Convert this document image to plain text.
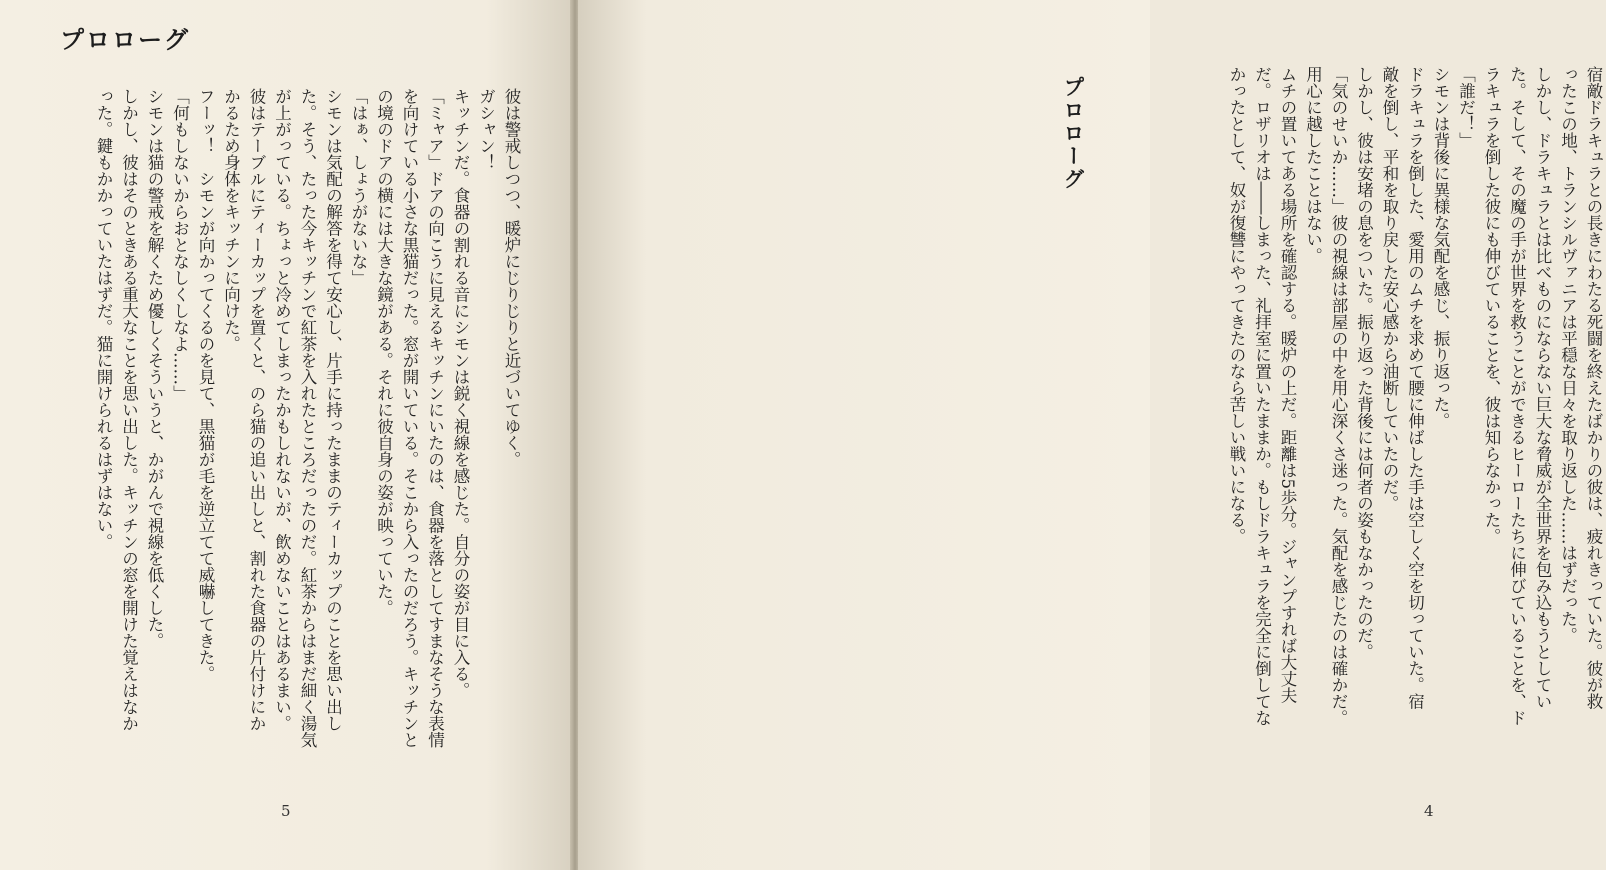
プロローグ
彼は警戒しつつ、暖炉にじりじりと近づいてゆく。
ガシャン！
キッチンだ。食器の割れる音にシモンは鋭く視線を感じた。自分の姿が目に入る。
「ミャア」ドアの向こうに見えるキッチンにいたのは、食器を落としてすまなそうな表情
を向けている小さな黒猫だった。窓が開いている。そこから入ったのだろう。キッチンと
の境のドアの横には大きな鏡がある。それに彼自身の姿が映っていた。
「はぁ、しょうがないな」
シモンは気配の解答を得て安心し、片手に持ったままのティーカップのことを思い出し
た。そう、たった今キッチンで紅茶を入れたところだったのだ。紅茶からはまだ細く湯気
が上がっている。ちょっと冷めてしまったかもしれないが、飲めないことはあるまい。
彼はテーブルにティーカップを置くと、のら猫の追い出しと、割れた食器の片付けにか
かるため身体をキッチンに向けた。
フーッ！　シモンが向かってくるのを見て、黒猫が毛を逆立てて威嚇してきた。
「何もしないからおとなしくしなよ……」
シモンは猫の警戒を解くため優しくそういうと、かがんで視線を低くした。
しかし、彼はそのときある重大なことを思い出した。キッチンの窓を開けた覚えはなか
った。鍵もかかっていたはずだ。猫に開けられるはずはない。
5
宿敵ドラキュラとの長きにわたる死闘を終えたばかりの彼は、疲れきっていた。彼が救
ったこの地、トランシルヴァニアは平穏な日々を取り返した……はずだった。
しかし、ドラキュラとは比べものにならない巨大な脅威が全世界を包み込もうとしてい
た。そして、その魔の手が世界を救うことができるヒーローたちに伸びていることを、ド
ラキュラを倒した彼にも伸びていることを、彼は知らなかった。
「誰だ！」
シモンは背後に異様な気配を感じ、振り返った。
ドラキュラを倒した、愛用のムチを求めて腰に伸ばした手は空しく空を切っていた。宿
敵を倒し、平和を取り戻した安心感から油断していたのだ。
しかし、彼は安堵の息をついた。振り返った背後には何者の姿もなかったのだ。
「気のせいか……」彼の視線は部屋の中を用心深くさ迷った。気配を感じたのは確かだ。
用心に越したことはない。
ムチの置いてある場所を確認する。暖炉の上だ。距離は5歩分。ジャンプすれば大丈夫
だ。ロザリオは――しまった、礼拝室に置いたままか。もしドラキュラを完全に倒してな
かったとして、奴が復讐にやってきたのなら苦しい戦いになる。
4
プロローグ
